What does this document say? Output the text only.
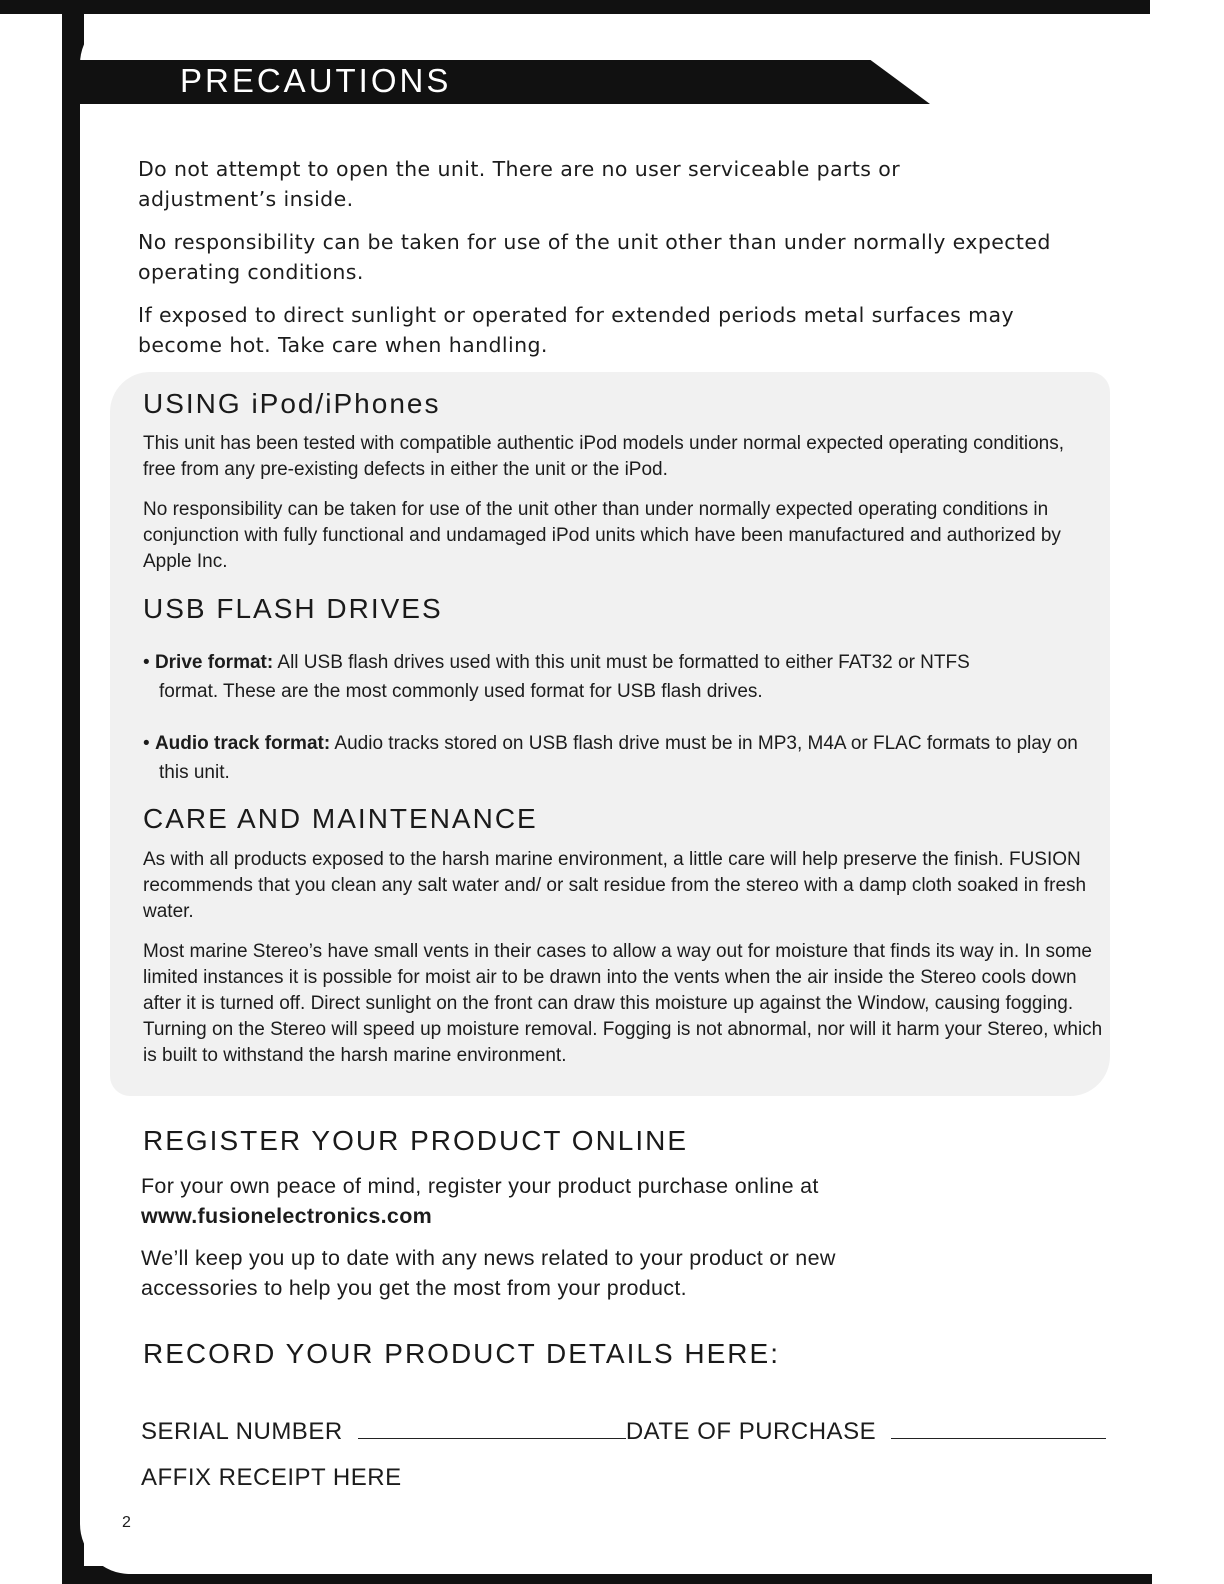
PRECAUTIONS

Do not attempt to open the unit. There are no user serviceable parts or adjustment’s inside.

No responsibility can be taken for use of the unit other than under normally expected operating conditions.

If exposed to direct sunlight or operated for extended periods metal surfaces may become hot. Take care when handling.

USING iPod/iPhones

This unit has been tested with compatible authentic iPod models under normal expected operating conditions, free from any pre-existing defects in either the unit or the iPod.

No responsibility can be taken for use of the unit other than under normally expected operating conditions in conjunction with fully functional and undamaged iPod units which have been manufactured and authorized by Apple Inc.

USB FLASH DRIVES

• Drive format: All USB flash drives used with this unit must be formatted to either FAT32 or NTFS format. These are the most commonly used format for USB flash drives.

• Audio track format: Audio tracks stored on USB flash drive must be in MP3, M4A or FLAC formats to play on this unit.

CARE AND MAINTENANCE

As with all products exposed to the harsh marine environment, a little care will help preserve the finish. FUSION recommends that you clean any salt water and/ or salt residue from the stereo with a damp cloth soaked in fresh water.

Most marine Stereo’s have small vents in their cases to allow a way out for moisture that finds its way in. In some limited instances it is possible for moist air to be drawn into the vents when the air inside the Stereo cools down after it is turned off. Direct sunlight on the front can draw this moisture up against the Window, causing fogging. Turning on the Stereo will speed up moisture removal. Fogging is not abnormal, nor will it harm your Stereo, which is built to withstand the harsh marine environment.

REGISTER YOUR PRODUCT ONLINE

For your own peace of mind, register your product purchase online at
www.fusionelectronics.com

We’ll keep you up to date with any news related to your product or new accessories to help you get the most from your product.

RECORD YOUR PRODUCT DETAILS HERE:
SERIAL NUMBER	DATE OF PURCHASE
AFFIX RECEIPT HERE
2
